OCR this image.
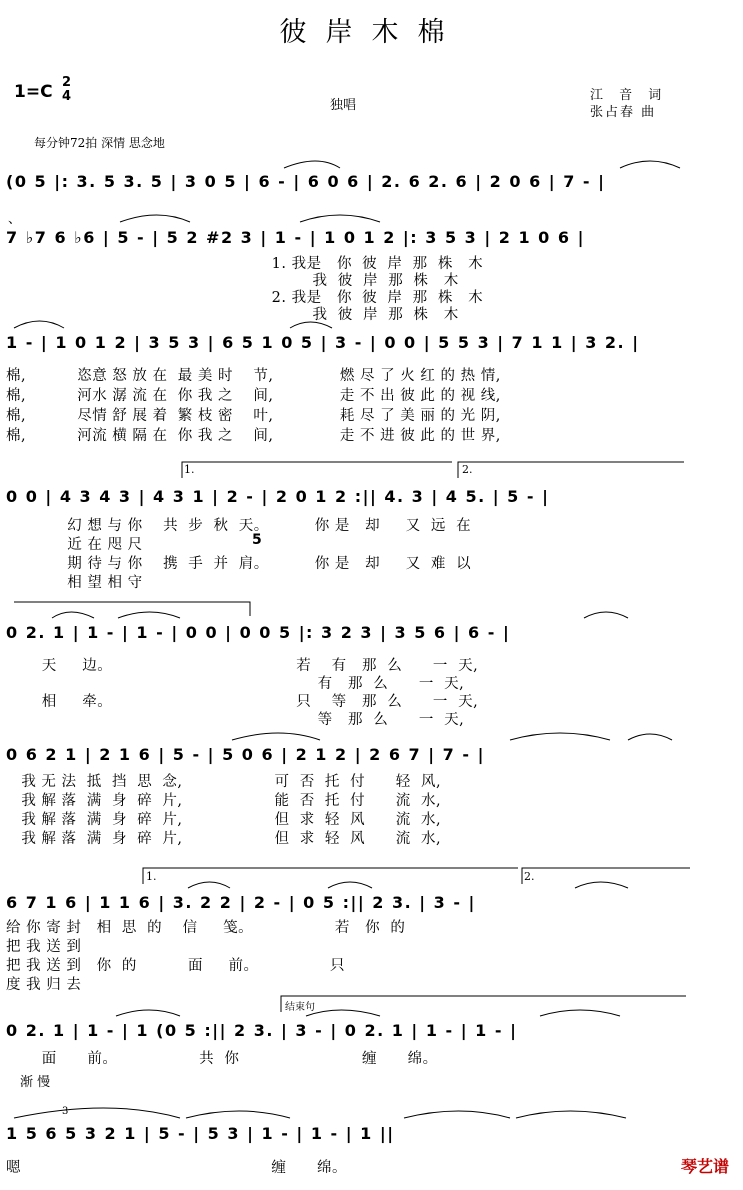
彼岸木棉
1=C 2
4
独唱
江 音 词
张占春 曲
每分钟72拍 深情 思念地
(0 5 |: 3. 5 3. 5 | 3 0 5 | 6 - | 6 0 6 | 2. 6 2. 6 | 2 0 6 | 7 - |
、
7 ♭7 6 ♭6 | 5 - | 5 2 #2 3 | 1 - | 1 0 1 2 |: 3 5 3 | 2 1 0 6 |
1. 我是   你  彼  岸  那  株   木
我  彼  岸  那  株   木
2. 我是   你  彼  岸  那  株   木
我  彼  岸  那  株   木
1 - | 1 0 1 2 | 3 5 3 | 6 5 1 0 5 | 3 - | 0 0 | 5 5 3 | 7 1 1 | 3 2. |
棉,          恣意 怒 放 在  最 美 时    节,             燃 尽 了 火 红 的 热 情,
棉,          河水 潺 流 在  你 我 之    间,             走 不 出 彼 此 的 视 线,
棉,          尽情 舒 展 着  繁 枝 密    叶,             耗 尽 了 美 丽 的 光 阴,
棉,          河流 横 隔 在  你 我 之    间,             走 不 进 彼 此 的 世 界,
1.	2.
0 0 | 4 3 4 3 | 4 3 1 | 2 - | 2 0 1 2 :|| 4. 3 | 4 5. | 5 - |
幻 想 与 你    共  步  秋  天。         你 是   却     又  远  在
近 在 咫 尺	5
期 待 与 你    携  手  并  肩。         你 是   却     又  难  以
相 望 相 守
0 2. 1 | 1 - | 1 - | 0 0 | 0 0 5 |: 3 2 3 | 3 5 6 | 6 - |
天     边。                                    若    有   那  么      一  天,
有   那  么      一  天,
相     牵。                                    只    等   那  么      一  天,
等   那  么      一  天,
0 6 2 1 | 2 1 6 | 5 - | 5 0 6 | 2 1 2 | 2 6 7 | 7 - |
我 无 法  抵  挡  思  念,                  可  否  托  付      轻  风,
我 解 落  满  身  碎  片,                  能  否  托  付      流  水,
我 解 落  满  身  碎  片,                  但  求  轻  风      流  水,
我 解 落  满  身  碎  片,                  但  求  轻  风      流  水,
1.	2.
6 7 1 6 | 1 1 6 | 3. 2 2 | 2 - | 0 5 :|| 2 3. | 3 - |
给 你 寄 封   相  思  的    信     笺。                若   你  的
把 我 送 到
把 我 送 到   你  的          面     前。              只
度 我 归 去
结束句
0 2. 1 | 1 - | 1 (0 5 :|| 2 3. | 3 - | 0 2. 1 | 1 - | 1 - |
面      前。                共  你                        缠      绵。
渐 慢
3
1 5 6 5 3 2 1 | 5 - | 5 3 | 1 - | 1 - | 1 ||
嗯                                                 缠      绵。	琴艺谱
